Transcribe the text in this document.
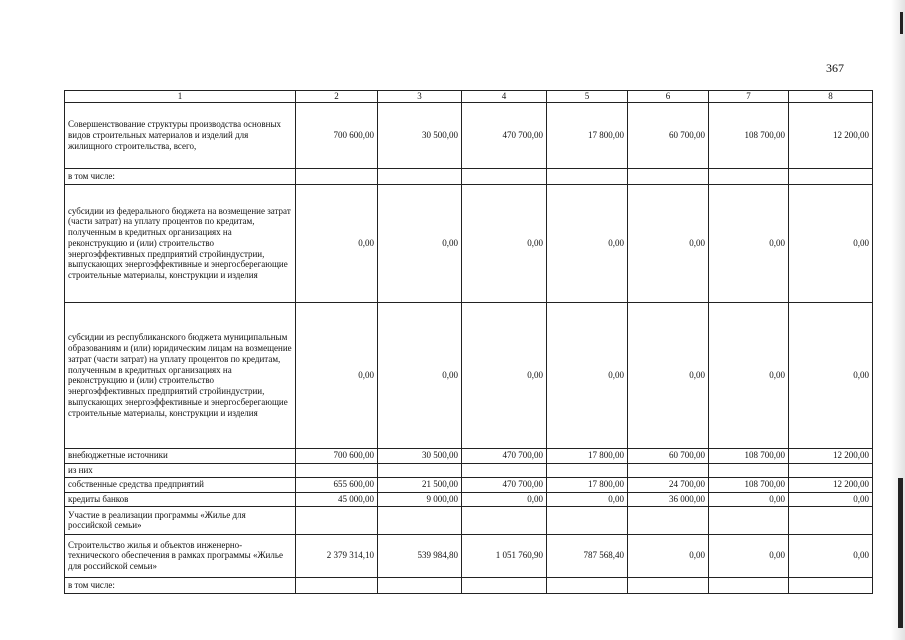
367
1	2	3	4	5	6	7	8
Совершенствование структуры производства основных видов строительных материалов и изделий для жилищного строительства, всего,	700 600,00	30 500,00	470 700,00	17 800,00	60 700,00	108 700,00	12 200,00
в том числе:							
субсидии из федерального бюджета на возмещение затрат (части затрат) на уплату процентов по кредитам, полученным в кредитных организациях на реконструкцию и (или) строительство энергоэффективных предприятий стройиндустрии, выпускающих энергоэффективные и энергосберегающие строительные материалы, конструкции и изделия	0,00	0,00	0,00	0,00	0,00	0,00	0,00
субсидии из республиканского бюджета муниципальным образованиям и (или) юридическим лицам на возмещение затрат (части затрат) на уплату процентов по кредитам, полученным в кредитных организациях на реконструкцию и (или) строительство энергоэффективных предприятий стройиндустрии, выпускающих энергоэффективные и энергосберегающие строительные материалы, конструкции и изделия	0,00	0,00	0,00	0,00	0,00	0,00	0,00
внебюджетные источники	700 600,00	30 500,00	470 700,00	17 800,00	60 700,00	108 700,00	12 200,00
из них							
собственные средства предприятий	655 600,00	21 500,00	470 700,00	17 800,00	24 700,00	108 700,00	12 200,00
кредиты банков	45 000,00	9 000,00	0,00	0,00	36 000,00	0,00	0,00
Участие в реализации программы «Жилье для российской семьи»							
Строительство жилья и объектов инженерно-технического обеспечения в рамках программы «Жилье для российской семьи»	2 379 314,10	539 984,80	1 051 760,90	787 568,40	0,00	0,00	0,00
в том числе:							
